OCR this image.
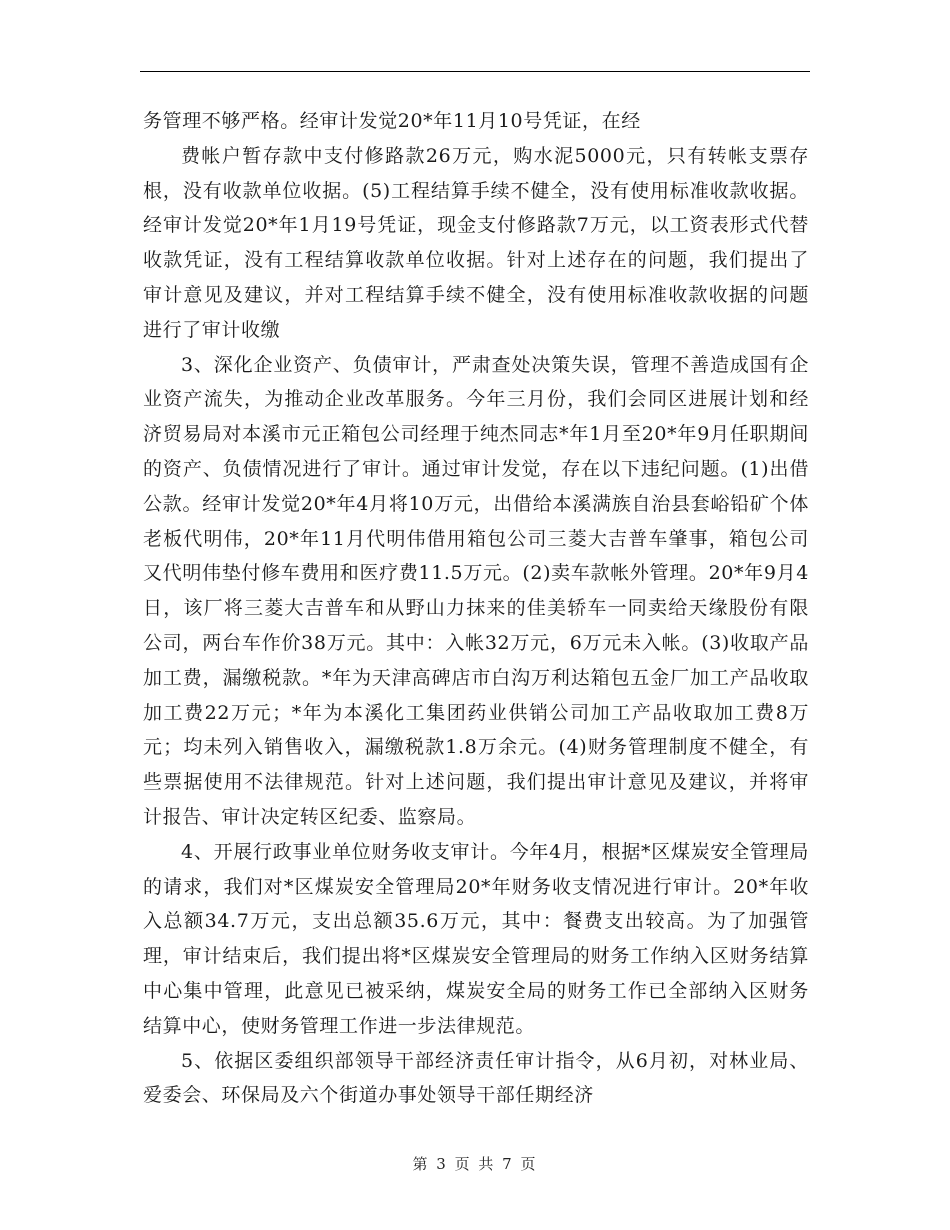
务管理不够严格。经审计发觉20*年11月10号凭证，在经

费帐户暂存款中支付修路款26万元，购水泥5000元，只有转帐支票存根，没有收款单位收据。(5)工程结算手续不健全，没有使用标准收款收据。经审计发觉20*年1月19号凭证，现金支付修路款7万元，以工资表形式代替收款凭证，没有工程结算收款单位收据。针对上述存在的问题，我们提出了审计意见及建议，并对工程结算手续不健全，没有使用标准收款收据的问题进行了审计收缴

3、深化企业资产、负债审计，严肃查处决策失误，管理不善造成国有企业资产流失，为推动企业改革服务。今年三月份，我们会同区进展计划和经济贸易局对本溪市元正箱包公司经理于纯杰同志*年1月至20*年9月任职期间的资产、负债情况进行了审计。通过审计发觉，存在以下违纪问题。(1)出借公款。经审计发觉20*年4月将10万元，出借给本溪满族自治县套峪铅矿个体老板代明伟，20*年11月代明伟借用箱包公司三菱大吉普车肇事，箱包公司又代明伟垫付修车费用和医疗费11.5万元。(2)卖车款帐外管理。20*年9月4日，该厂将三菱大吉普车和从野山力抹来的佳美轿车一同卖给天缘股份有限公司，两台车作价38万元。其中：入帐32万元，6万元未入帐。(3)收取产品加工费，漏缴税款。*年为天津高碑店市白沟万利达箱包五金厂加工产品收取加工费22万元；*年为本溪化工集团药业供销公司加工产品收取加工费8万元；均未列入销售收入，漏缴税款1.8万余元。(4)财务管理制度不健全，有些票据使用不法律规范。针对上述问题，我们提出审计意见及建议，并将审计报告、审计决定转区纪委、监察局。

4、开展行政事业单位财务收支审计。今年4月，根据*区煤炭安全管理局的请求，我们对*区煤炭安全管理局20*年财务收支情况进行审计。20*年收入总额34.7万元，支出总额35.6万元，其中：餐费支出较高。为了加强管理，审计结束后，我们提出将*区煤炭安全管理局的财务工作纳入区财务结算中心集中管理，此意见已被采纳，煤炭安全局的财务工作已全部纳入区财务结算中心，使财务管理工作进一步法律规范。

5、依据区委组织部领导干部经济责任审计指令，从6月初，对林业局、爱委会、环保局及六个街道办事处领导干部任期经济

第 3 页 共 7 页
